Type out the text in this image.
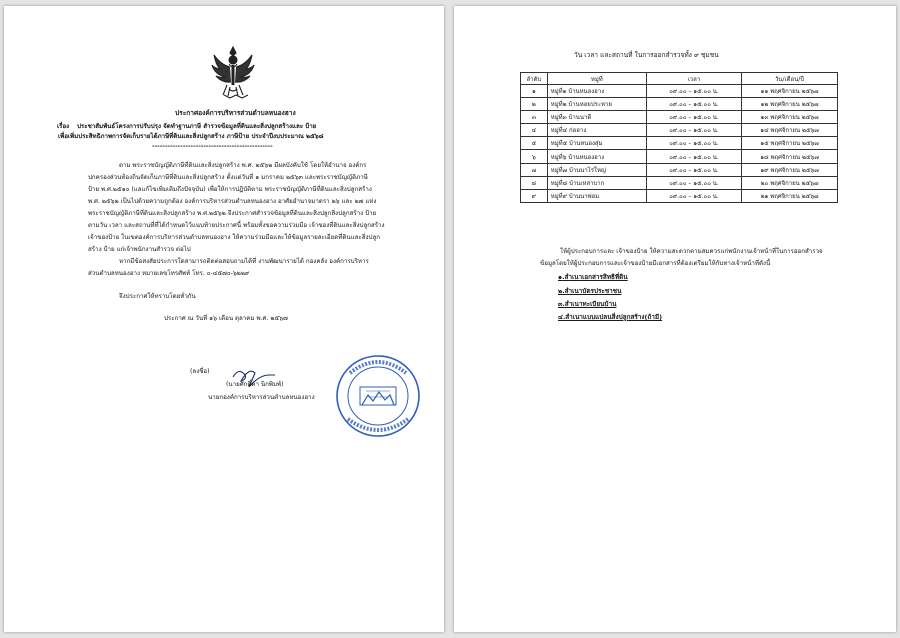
ประกาศองค์การบริหารส่วนตำบลหนองฮาง
เรื่อง ประชาสัมพันธ์โครงการปรับปรุง จัดทำฐานภาษี สำรวจข้อมูลที่ดินและสิ่งปลูกสร้างและ ป้าย
เพื่อเพิ่มประสิทธิภาพการจัดเก็บรายได้ภาษีที่ดินและสิ่งปลูกสร้าง ภาษีป้าย ประจำปีงบประมาณ ๒๕๖๘
-----------------------------------------------
ตาม พระราชบัญญัติภาษีที่ดินและสิ่งปลูกสร้าง พ.ศ. ๒๕๖๒ มีผลบังคับใช้ โดยให้อำนาจ องค์กร
ปกครองส่วนท้องถิ่นจัดเก็บภาษีที่ดินและสิ่งปลูกสร้าง ตั้งแต่วันที่ ๑ มกราคม ๒๕๖๓ และพระราชบัญญัติภาษี
ป้าย พ.ศ.๒๕๑๐ (แลแก้ไขเพิ่มเติมถึงปัจจุบัน) เพื่อให้การปฏิบัติตาม พระราชบัญญัติภาษีที่ดินและสิ่งปลูกสร้าง
พ.ศ. ๒๕๖๒ เป็นไปด้วยความถูกต้อง องค์การบริหารส่วนตำบลหนองฮาง อาศัยอำนาจมาตรา ๒๖ และ ๒๗ แห่ง
พระราชบัญญัติภาษีที่ดินและสิ่งปลูกสร้าง พ.ศ.๒๕๖๒ จึงประกาศสำรวจข้อมูลที่ดินและสิ่งปลูกสิ่งปลูกสร้าง ป้าย
ตามวัน เวลา และสถานที่ที่ได้กำหนดไว้แนบท้ายประกาศนี้ พร้อมทั้งขอความร่วมมือ เจ้าของที่ดินและสิ่งปลูกสร้าง
เจ้าของป้าย ในเขตองค์การบริหารส่วนตำบลหนองฮาง ให้ความร่วมมือและให้ข้อมูลรายละเอียดที่ดินและสิ่งปลูก
สร้าง ป้าย แก่เจ้าพนักงานสำรวจ ต่อไป
หากมีข้อสงสัยประการใดสามารถติดต่อสอบถามได้ที่ งานพัฒนารายได้ กองคลัง องค์การบริหาร
ส่วนตำบลหนองฮาง หมายเลขโทรศัพท์ โทร. ๐-๔๕๗๐-๖๒๒๙
จึงประกาศให้ทราบโดยทั่วกัน
ประกาศ ณ วันที่ ๑๖ เดือน ตุลาคม พ.ศ. ๒๕๖๗
(ลงชื่อ)
(นายศักดิ์ดา นิกพิมพ์)
นายกองค์การบริหารส่วนตำบลหนองฮาง
วัน เวลา และสถานที่ ในการออกสำรวจทั้ง ๙ ชุมชน
ลำดับ	หมู่ที่	เวลา	วัน/เดือน/ปี
๑	หมู่ที่๑ บ้านหนองฮาง	๐๙.๐๐ – ๑๕.๐๐ น.	๑๑ พฤศจิกายน ๒๕๖๗
๒	หมู่ที่๒ บ้านหอยประหาย	๐๙.๐๐ – ๑๕.๐๐ น.	๑๒ พฤศจิกายน ๒๕๖๗
๓	หมู่ที่๓ บ้านนาดี	๐๙.๐๐ – ๑๕.๐๐ น.	๑๓ พฤศจิกายน ๒๕๖๗
๔	หมู่ที่๔ ก่อฮาง	๐๙.๐๐ – ๑๕.๐๐ น.	๑๔ พฤศจิกายน ๒๕๖๗
๕	หมู่ที่๕ บ้านหนองสุ่ม	๐๙.๐๐ – ๑๕.๐๐ น.	๑๕ พฤศจิกายน ๒๕๖๗
๖	หมู่ที่๖ บ้านหนองฮาง	๐๙.๐๐ – ๑๕.๐๐ น.	๑๘ พฤศจิกายน ๒๕๖๗
๗	หมู่ที่๗ บ้านนาไร่ใหญ่	๐๙.๐๐ – ๑๕.๐๐ น.	๑๙ พฤศจิกายน ๒๕๖๗
๘	หมู่ที่๘ บ้านเหล่าบาก	๐๙.๐๐ – ๑๕.๐๐ น.	๒๐ พฤศจิกายน ๒๕๖๗
๙	หมู่ที่๙ บ้านนาพ่อม	๐๙.๐๐ – ๑๕.๐๐ น.	๒๑ พฤศจิกายน ๒๕๖๗
ให้ผู้ประกอบการและ เจ้าของป้าย ให้ความสะดวกตามสมควรแก่พนักงานเจ้าหน้าที่ในการออกสำรวจ
ข้อมูลโดยให้ผู้ประกอบการและเจ้าของป้ายมีเอกสารที่ต้องเตรียมให้กับทางเจ้าหน้าที่ดังนี้
๑.สำเนาเอกสารสิทธิที่ดิน
๒.สำเนาบัตรประชาชน
๓.สำเนาทะเบียนบ้าน
๔.สำเนาแบบแปลนสิ่งปลูกสร้าง(ถ้ามี)
